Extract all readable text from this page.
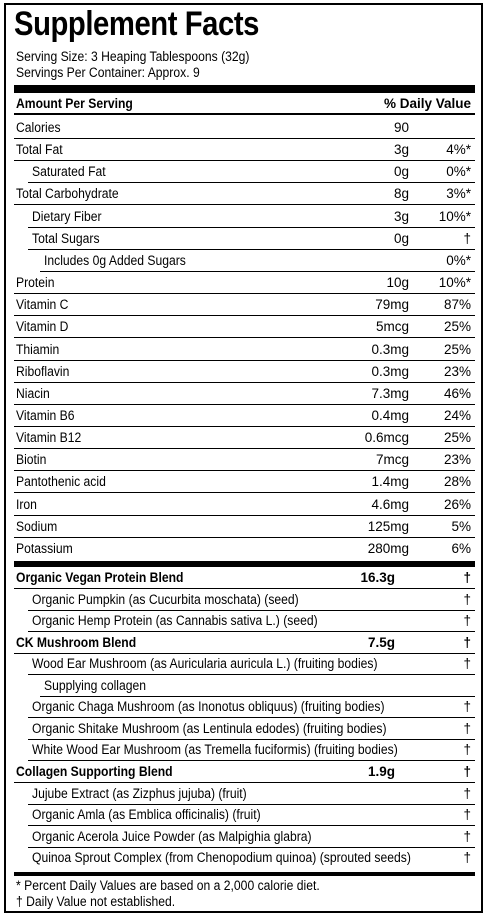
Supplement Facts
Serving Size: 3 Heaping Tablespoons (32g)
Servings Per Container: Approx. 9
Amount Per Serving	% Daily Value
Calories	90
Total Fat	3g	4%*
Saturated Fat	0g	0%*
Total Carbohydrate	8g	3%*
Dietary Fiber	3g 10%*
Total Sugars	0g	†
Includes 0g Added Sugars	0%*
Protein	10g 10%*
Vitamin C	79mg	87%
Vitamin D	5mcg	25%
Thiamin	0.3mg	25%
Riboflavin	0.3mg	23%
Niacin	7.3mg	46%
Vitamin B6	0.4mg	24%
Vitamin B12	0.6mcg	25%
Biotin	7mcg	23%
Pantothenic acid	1.4mg	28%
Iron	4.6mg	26%
Sodium	125mg	5%
Potassium	280mg	6%
Organic Vegan Protein Blend	16.3g	†
Organic Pumpkin (as Cucurbita moschata) (seed)	†
Organic Hemp Protein (as Cannabis sativa L.) (seed)	†
CK Mushroom Blend	7.5g	†
Wood Ear Mushroom (as Auricularia auricula L.) (fruiting bodies)	†
Supplying collagen
Organic Chaga Mushroom (as Inonotus obliquus) (fruiting bodies)	†
Organic Shitake Mushroom (as Lentinula edodes) (fruiting bodies)	†
White Wood Ear Mushroom (as Tremella fuciformis) (fruiting bodies)	†
Collagen Supporting Blend	1.9g	†
Jujube Extract (as Zizphus jujuba) (fruit)	†
Organic Amla (as Emblica officinalis) (fruit)	†
Organic Acerola Juice Powder (as Malpighia glabra)	†
Quinoa Sprout Complex (from Chenopodium quinoa) (sprouted seeds)	†
* Percent Daily Values are based on a 2,000 calorie diet.
† Daily Value not established.
